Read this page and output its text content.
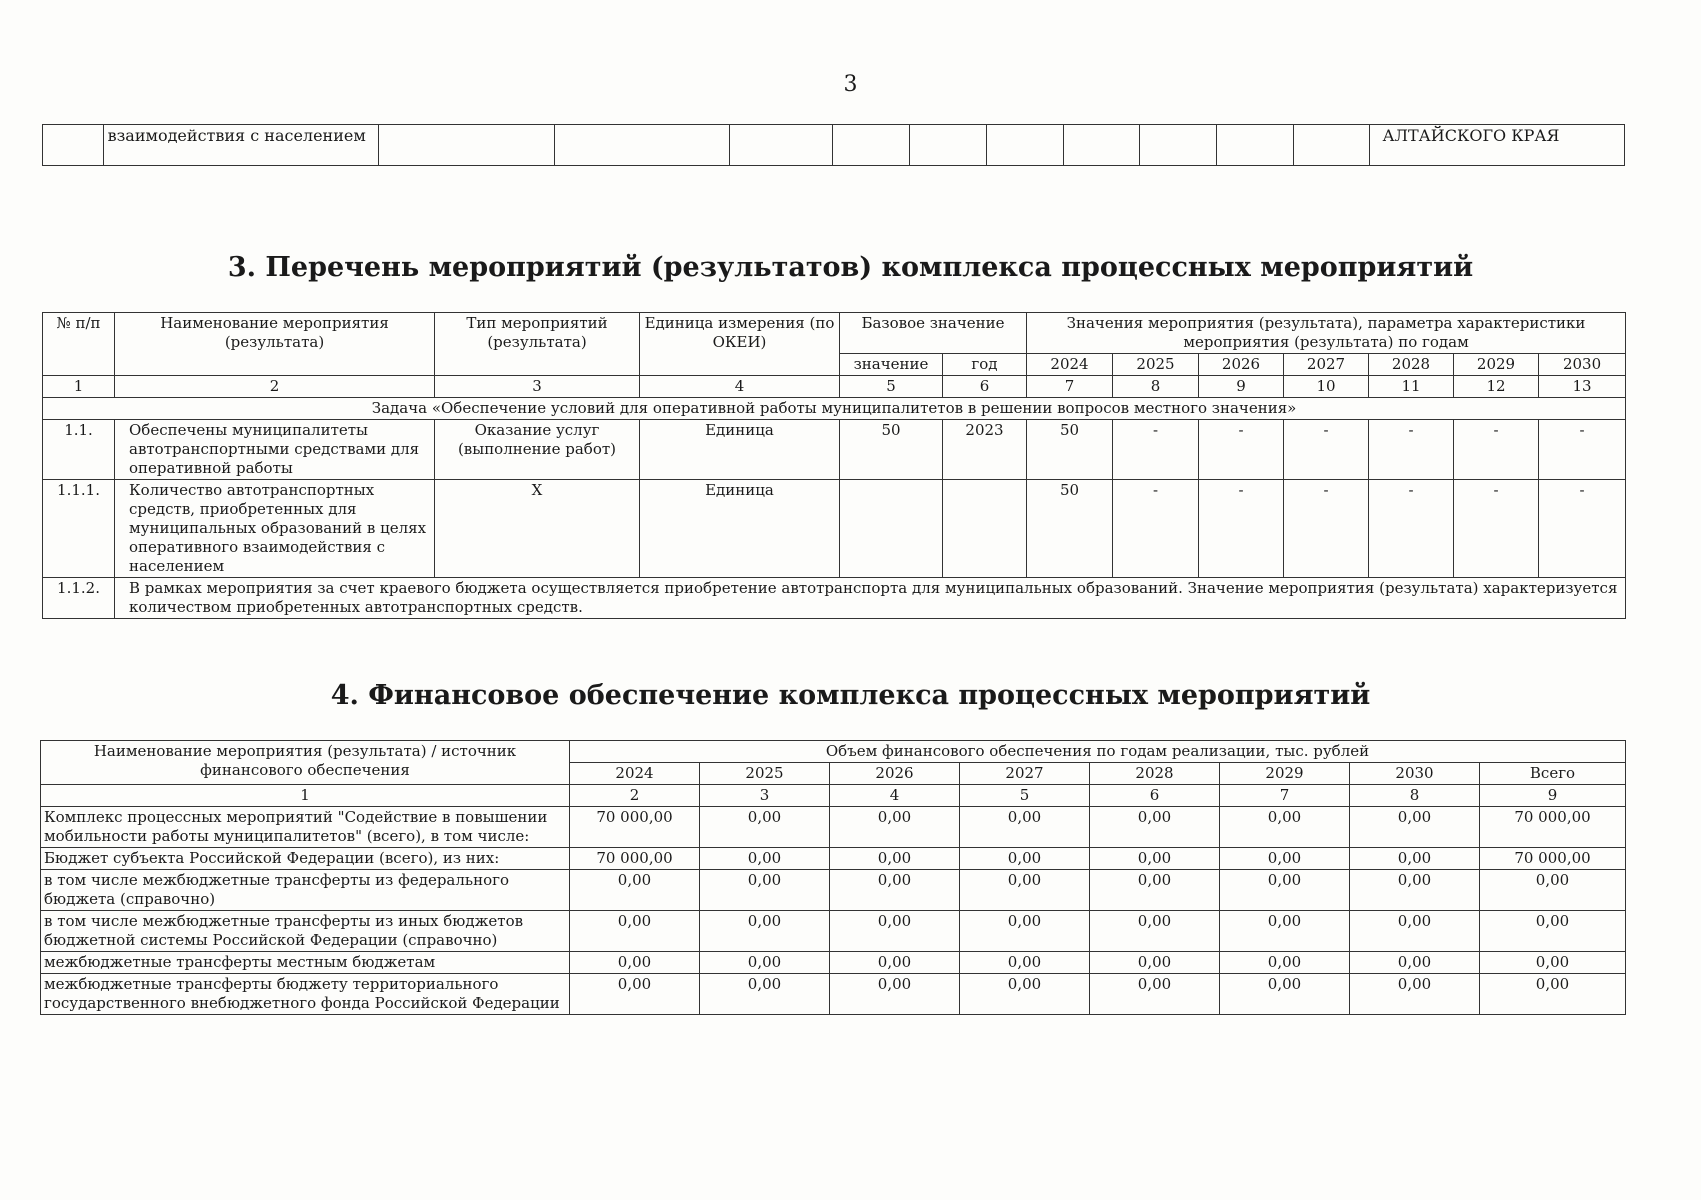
3
	взаимодействия с населением											АЛТАЙСКОГО КРАЯ
3. Перечень мероприятий (результатов) комплекса процессных мероприятий
№ п/п	Наименование мероприятия (результата)	Тип мероприятий (результата)	Единица измерения (по ОКЕИ)	Базовое значение		Значения мероприятия (результата), параметра характеристики мероприятия (результата) по годам						
				значение	год	2024	2025	2026	2027	2028	2029	2030
1	2	3	4	5	6	7	8	9	10	11	12	13
Задача «Обеспечение условий для оперативной работы муниципалитетов в решении вопросов местного значения»												
1.1.	Обеспечены муниципалитеты автотранспортными средствами для оперативной работы	Оказание услуг (выполнение работ)	Единица	50	2023	50	-	-	-	-	-	-
1.1.1.	Количество автотранспортных средств, приобретенных для муниципальных образований в целях оперативного взаимодействия с населением	X	Единица			50	-	-	-	-	-	-
1.1.2.	В рамках мероприятия за счет краевого бюджета осуществляется приобретение автотранспорта для муниципальных образований. Значение мероприятия (результата) характеризуется количеством приобретенных автотранспортных средств.											
4. Финансовое обеспечение комплекса процессных мероприятий
Наименование мероприятия (результата) / источник финансового обеспечения	Объем финансового обеспечения по годам реализации, тыс. рублей							
	2024	2025	2026	2027	2028	2029	2030	Всего
1	2	3	4	5	6	7	8	9
Комплекс процессных мероприятий "Содействие в повышении мобильности работы муниципалитетов" (всего), в том числе:	70 000,00	0,00	0,00	0,00	0,00	0,00	0,00	70 000,00
Бюджет субъекта Российской Федерации (всего), из них:	70 000,00	0,00	0,00	0,00	0,00	0,00	0,00	70 000,00
в том числе межбюджетные трансферты из федерального бюджета (справочно)	0,00	0,00	0,00	0,00	0,00	0,00	0,00	0,00
в том числе межбюджетные трансферты из иных бюджетов бюджетной системы Российской Федерации (справочно)	0,00	0,00	0,00	0,00	0,00	0,00	0,00	0,00
межбюджетные трансферты местным бюджетам	0,00	0,00	0,00	0,00	0,00	0,00	0,00	0,00
межбюджетные трансферты бюджету территориального государственного внебюджетного фонда Российской Федерации	0,00	0,00	0,00	0,00	0,00	0,00	0,00	0,00
